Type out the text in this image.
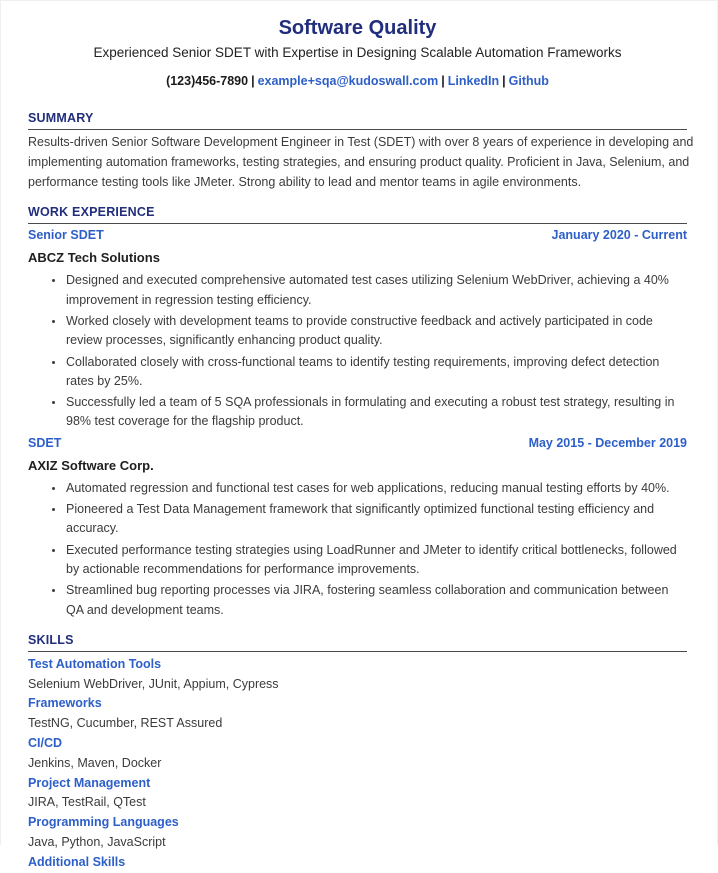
Software Quality
Experienced Senior SDET with Expertise in Designing Scalable Automation Frameworks
(123)456-7890 | example+sqa@kudoswall.com | LinkedIn | Github
SUMMARY
Results-driven Senior Software Development Engineer in Test (SDET) with over 8 years of experience in developing and implementing automation frameworks, testing strategies, and ensuring product quality. Proficient in Java, Selenium, and performance testing tools like JMeter. Strong ability to lead and mentor teams in agile environments.
WORK EXPERIENCE
Senior SDET	January 2020 - Current
ABCZ Tech Solutions
• Designed and executed comprehensive automated test cases utilizing Selenium WebDriver, achieving a 40% improvement in regression testing efficiency.
• Worked closely with development teams to provide constructive feedback and actively participated in code review processes, significantly enhancing product quality.
• Collaborated closely with cross-functional teams to identify testing requirements, improving defect detection rates by 25%.
• Successfully led a team of 5 SQA professionals in formulating and executing a robust test strategy, resulting in 98% test coverage for the flagship product.
SDET	May 2015 - December 2019
AXIZ Software Corp.
• Automated regression and functional test cases for web applications, reducing manual testing efforts by 40%.
• Pioneered a Test Data Management framework that significantly optimized functional testing efficiency and accuracy.
• Executed performance testing strategies using LoadRunner and JMeter to identify critical bottlenecks, followed by actionable recommendations for performance improvements.
• Streamlined bug reporting processes via JIRA, fostering seamless collaboration and communication between QA and development teams.
SKILLS
Test Automation Tools
Selenium WebDriver, JUnit, Appium, Cypress
Frameworks
TestNG, Cucumber, REST Assured
CI/CD
Jenkins, Maven, Docker
Project Management
JIRA, TestRail, QTest
Programming Languages
Java, Python, JavaScript
Additional Skills
